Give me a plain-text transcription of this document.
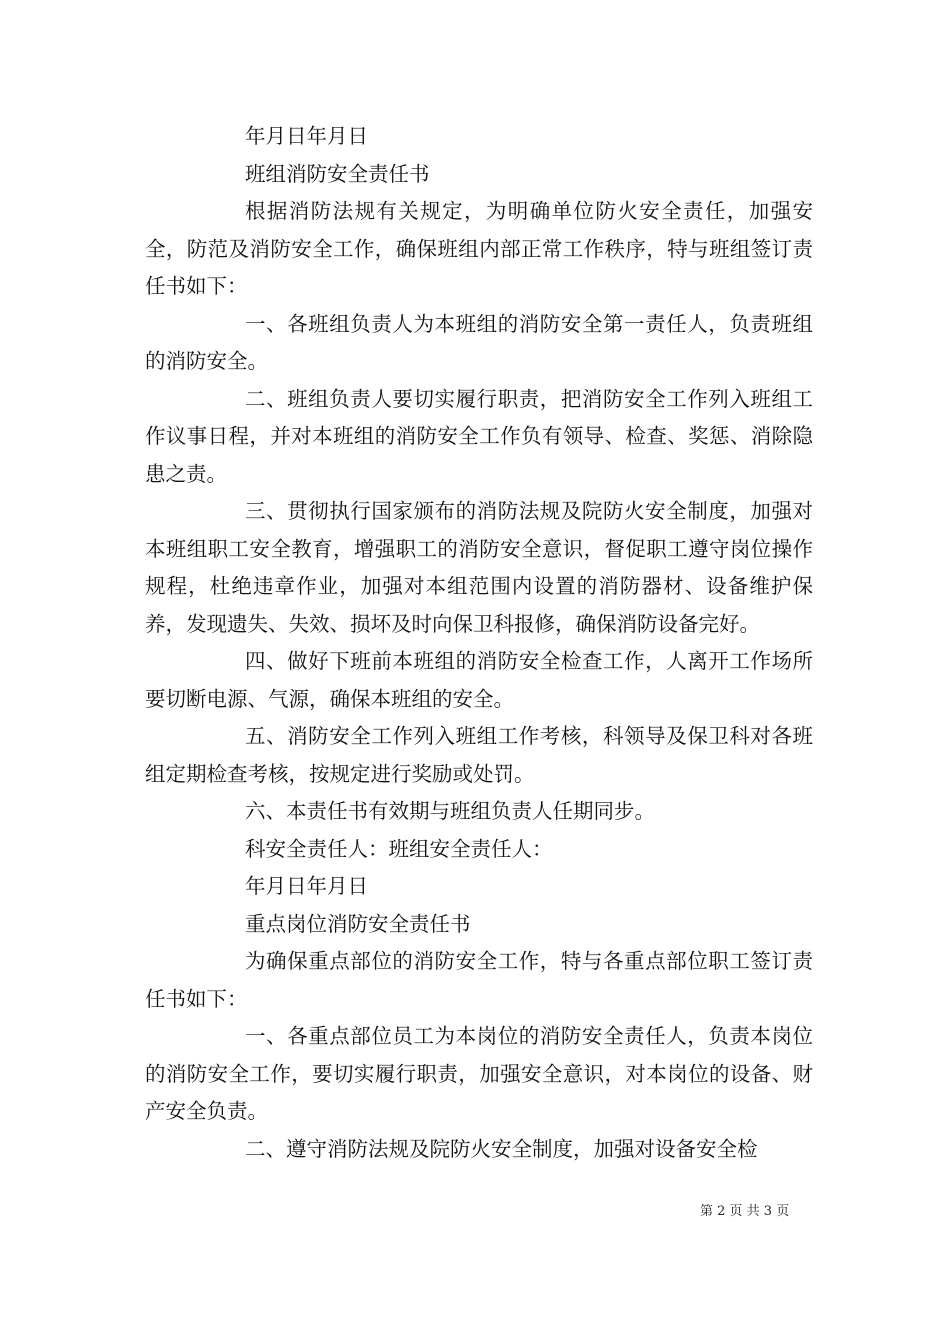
年月日年月日

班组消防安全责任书

根据消防法规有关规定，为明确单位防火安全责任，加强安全，防范及消防安全工作，确保班组内部正常工作秩序，特与班组签订责任书如下：

一、各班组负责人为本班组的消防安全第一责任人，负责班组的消防安全。

二、班组负责人要切实履行职责，把消防安全工作列入班组工作议事日程，并对本班组的消防安全工作负有领导、检查、奖惩、消除隐患之责。

三、贯彻执行国家颁布的消防法规及院防火安全制度，加强对本班组职工安全教育，增强职工的消防安全意识，督促职工遵守岗位操作规程，杜绝违章作业，加强对本组范围内设置的消防器材、设备维护保养，发现遗失、失效、损坏及时向保卫科报修，确保消防设备完好。

四、做好下班前本班组的消防安全检查工作，人离开工作场所要切断电源、气源，确保本班组的安全。

五、消防安全工作列入班组工作考核，科领导及保卫科对各班组定期检查考核，按规定进行奖励或处罚。

六、本责任书有效期与班组负责人任期同步。

科安全责任人：班组安全责任人：

年月日年月日

重点岗位消防安全责任书

为确保重点部位的消防安全工作，特与各重点部位职工签订责任书如下：

一、各重点部位员工为本岗位的消防安全责任人，负责本岗位的消防安全工作，要切实履行职责，加强安全意识，对本岗位的设备、财产安全负责。

二、遵守消防法规及院防火安全制度，加强对设备安全检

第 2 页 共 3 页
